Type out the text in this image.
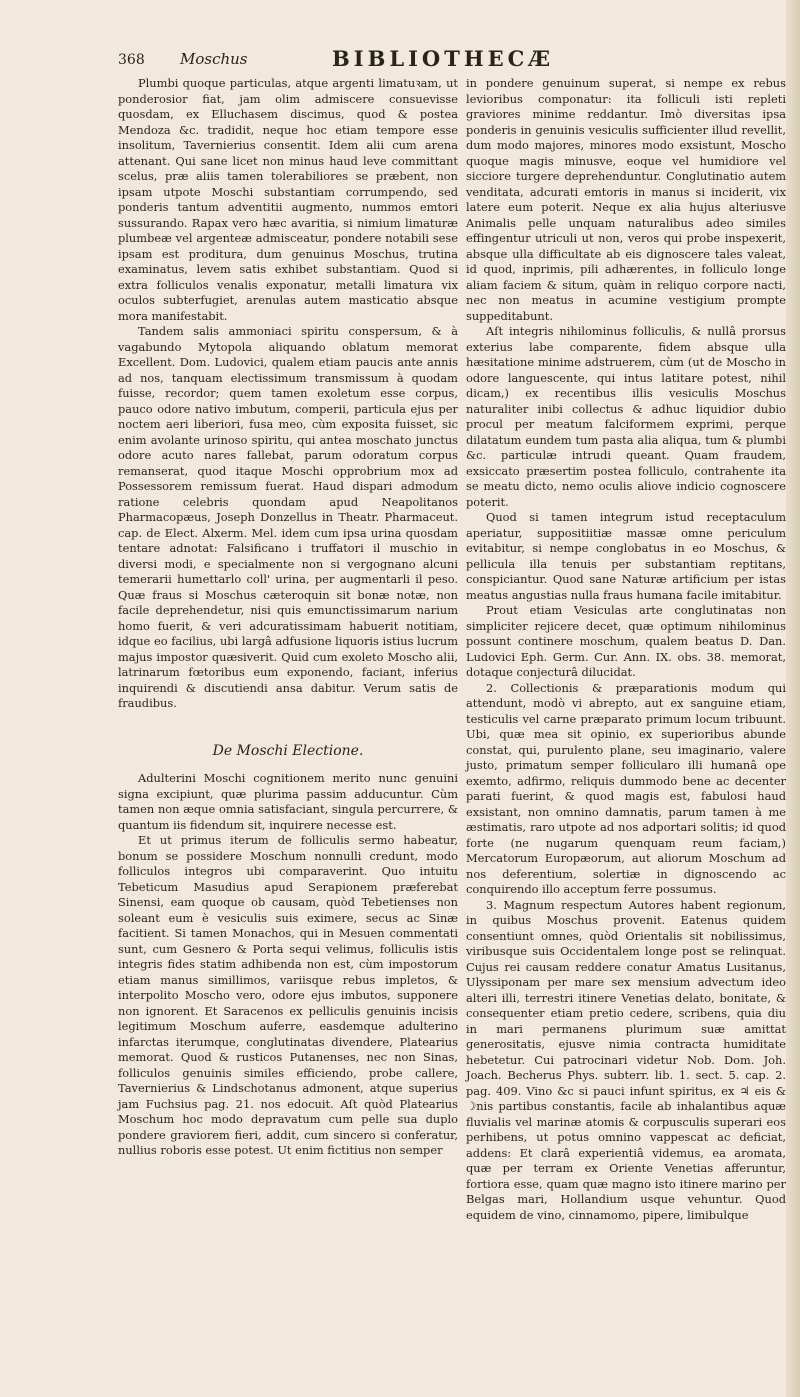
368 Moschus	BIBLIOTHECÆ

Plumbi quoque particulas, atque argenti limatuꝛam, ut ponderosior fiat, jam olim admiscere consuevisse quosdam, ex Elluchasem discimus, quod & postea Mendoza &c. tradidit, neque hoc etiam tempore esse insolitum, Tavernierius consentit. Idem alii cum arena attenant. Qui sane licet non minus haud leve committant scelus, præ aliis tamen tolerabiliores se præbent, non ipsam utpote Moschi substantiam corrumpendo, sed ponderis tantum adventitii augmento, nummos emtori sussurando. Rapax vero hæc avaritia, si nimium limaturæ plumbeæ vel argenteæ admisceatur, pondere notabili sese ipsam est proditura, dum genuinus Moschus, trutina examinatus, levem satis exhibet substantiam. Quod si extra folliculos venalis exponatur, metalli limatura vix oculos subterfugiet, arenulas autem masticatio absque mora manifestabit.

Tandem salis ammoniaci spiritu conspersum, & à vagabundo Mytopola aliquando oblatum memorat Excellent. Dom. Ludovici, qualem etiam paucis ante annis ad nos, tanquam electissimum transmissum à quodam fuisse, recordor; quem tamen exoletum esse corpus, pauco odore nativo imbutum, comperii, particula ejus per noctem aeri liberiori, fusa meo, cùm exposita fuisset, sic enim avolante urinoso spiritu, qui antea moschato junctus odore acuto nares fallebat, parum odoratum corpus remanserat, quod itaque Moschi opprobrium mox ad Possessorem remissum fuerat. Haud dispari admodum ratione celebris quondam apud Neapolitanos Pharmacopæus, Joseph Donzellus in Theatr. Pharmaceut. cap. de Elect. Alxerm. Mel. idem cum ipsa urina quosdam tentare adnotat: Falsificano i truffatori il muschio in diversi modi, e specialmente non si vergognano alcuni temerarii humettarlo coll' urina, per augmentarli il peso. Quæ fraus si Moschus cæteroquin sit bonæ notæ, non facile deprehendetur, nisi quis emunctissimarum narium homo fuerit, & veri adcuratissimam habuerit notitiam, idque eo facilius, ubi largâ adfusione liquoris istius lucrum majus impostor quæsiverit. Quid cum exoleto Moscho alii, latrinarum fœtoribus eum exponendo, faciant, inferius inquirendi & discutiendi ansa dabitur. Verum satis de fraudibus.

De Moschi Electione.

Adulterini Moschi cognitionem merito nunc genuini signa excipiunt, quæ plurima passim adducuntur. Cùm tamen non æque omnia satisfaciant, singula percurrere, & quantum iis fidendum sit, inquirere necesse est.

Et ut primus iterum de folliculis sermo habeatur, bonum se possidere Moschum nonnulli credunt, modo folliculos integros ubi comparaverint. Quo intuitu Tebeticum Masudius apud Serapionem præferebat Sinensi, eam quoque ob causam, quòd Tebetienses non soleant eum è vesiculis suis eximere, secus ac Sinæ facitient. Si tamen Monachos, qui in Mesuen commentati sunt, cum Gesnero & Porta sequi velimus, folliculis istis integris fides statim adhibenda non est, cùm impostorum etiam manus simillimos, variisque rebus impletos, & interpolito Moscho vero, odore ejus imbutos, supponere non ignorent. Et Saracenos ex pelliculis genuinis incisis legitimum Moschum auferre, easdemque adulterino infarctas iterumque, conglutinatas divendere, Platearius memorat. Quod & rusticos Putanenses, nec non Sinas, folliculos genuinis similes efficiendo, probe callere, Tavernierius & Lindschotanus admonent, atque superius jam Fuchsius pag. 21. nos edocuit. Aſt quòd Platearius Moschum hoc modo depravatum cum pelle sua duplo pondere graviorem fieri, addit, cum sincero si conferatur, nullius roboris esse potest. Ut enim fictitius non semper

in pondere genuinum superat, si nempe ex rebus levioribus componatur: ita folliculi isti repleti graviores minime reddantur. Imò diversitas ipsa ponderis in genuinis vesiculis sufficienter illud revellit, dum modo majores, minores modo exsistunt, Moscho quoque magis minusve, eoque vel humidiore vel sicciore turgere deprehenduntur. Conglutinatio autem venditata, adcurati emtoris in manus si inciderit, vix latere eum poterit. Neque ex alia hujus alteriusve Animalis pelle unquam naturalibus adeo similes effingentur utriculi ut non, veros qui probe inspexerit, absque ulla difficultate ab eis dignoscere tales valeat, id quod, inprimis, pili adhærentes, in folliculo longe aliam faciem & situm, quàm in reliquo corpore nacti, nec non meatus in acumine vestigium prompte suppeditabunt.

Aſt integris nihilominus folliculis, & nullâ prorsus exterius labe comparente, fidem absque ulla hæsitatione minime adstruerem, cùm (ut de Moscho in odore languescente, qui intus latitare potest, nihil dicam,) ex recentibus illis vesiculis Moschus naturaliter inibi collectus & adhuc liquidior dubio procul per meatum falciformem exprimi, perque dilatatum eundem tum pasta alia aliqua, tum & plumbi &c. particulæ intrudi queant. Quam fraudem, exsiccato præsertim postea folliculo, contrahente ita se meatu dicto, nemo oculis aliove indicio cognoscere poterit.

Quod si tamen integrum istud receptaculum aperiatur, suppositiitiæ massæ omne periculum evitabitur, si nempe conglobatus in eo Moschus, & pellicula illa tenuis per substantiam reptitans, conspiciantur. Quod sane Naturæ artificium per istas meatus angustias nulla fraus humana facile imitabitur.

Prout etiam Vesiculas arte conglutinatas non simpliciter rejicere decet, quæ optimum nihilominus possunt continere moschum, qualem beatus D. Dan. Ludovici Eph. Germ. Cur. Ann. IX. obs. 38. memorat, dotaque conjecturâ dilucidat.

2. Collectionis & præparationis modum qui attendunt, modò vi abrepto, aut ex sanguine etiam, testiculis vel carne præparato primum locum tribuunt. Ubi, quæ mea sit opinio, ex superioribus abunde constat, qui, purulento plane, seu imaginario, valere justo, primatum semper follicularo illi humanâ ope exemto, adfirmo, reliquis dummodo bene ac decenter parati fuerint, & quod magis est, fabulosi haud exsistant, non omnino damnatis, parum tamen à me æstimatis, raro utpote ad nos adportari solitis; id quod forte (ne nugarum quenquam reum faciam,) Mercatorum Europæorum, aut aliorum Moschum ad nos deferentium, solertiæ in dignoscendo ac conquirendo illo acceptum ferre possumus.

3. Magnum respectum Autores habent regionum, in quibus Moschus provenit. Eatenus quidem consentiunt omnes, quòd Orientalis sit nobilissimus, viribusque suis Occidentalem longe post se relinquat. Cujus rei causam reddere conatur Amatus Lusitanus, Ulyssiponam per mare sex mensium advectum ideo alteri illi, terrestri itinere Venetias delato, bonitate, & consequenter etiam pretio cedere, scribens, quia diu in mari permanens plurimum suæ amittat generositatis, ejusve nimia contracta humiditate hebetetur. Cui patrocinari videtur Nob. Dom. Joh. Joach. Becherus Phys. subterr. lib. 1. sect. 5. cap. 2. pag. 409. Vino &c si pauci infunt spiritus, ex ♃ eis & ☽nis partibus constantis, facile ab inhalantibus aquæ fluvialis vel marinæ atomis & corpusculis superari eos perhibens, ut potus omnino vappescat ac deficiat, addens: Et clarâ experientiâ videmus, ea aromata, quæ per terram ex Oriente Venetias afferuntur, fortiora esse, quam quæ magno isto itinere marino per Belgas mari, Hollandium usque vehuntur. Quod equidem de vino, cinnamomo, pipere, limibulque
